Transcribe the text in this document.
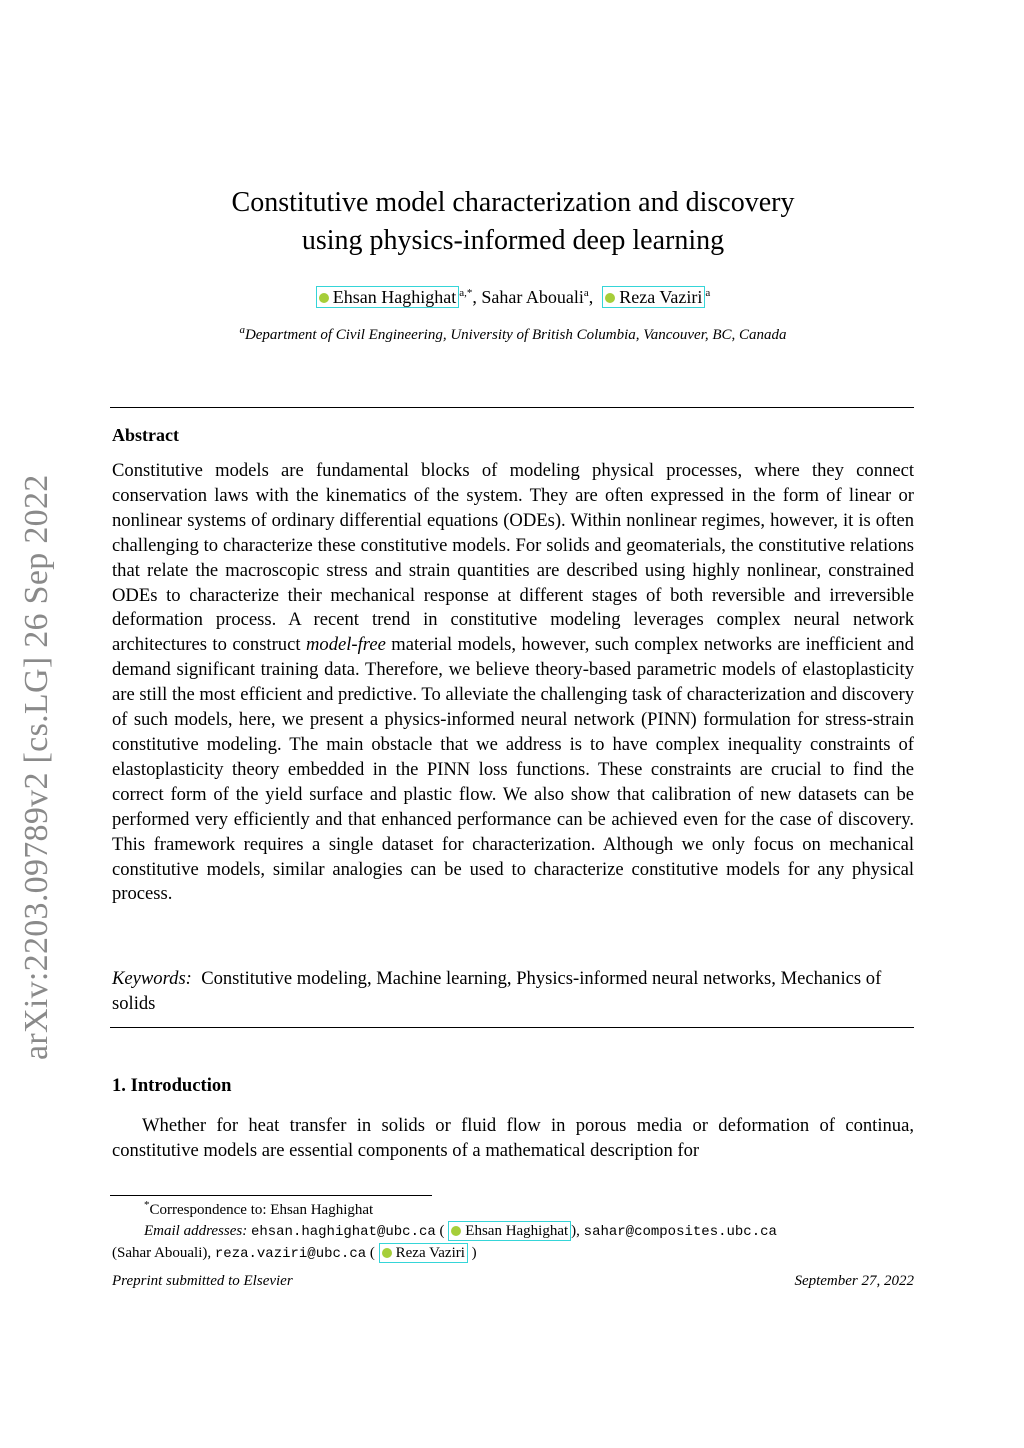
arXiv:2203.09789v2 [cs.LG] 26 Sep 2022
Constitutive model characterization and discovery
using physics-informed deep learning
Ehsan Haghighat $^{a,*}$, Sahar Abouali$^a$,  Reza Vaziri $^a$
$^a$Department of Civil Engineering, University of British Columbia, Vancouver, BC, Canada
Abstract
Constitutive models are fundamental blocks of modeling physical processes, where they connect conservation laws with the kinematics of the system. They are often expressed in the form of linear or nonlinear systems of ordinary differential equations (ODEs). Within nonlinear regimes, however, it is often challenging to characterize these constitutive models. For solids and geomaterials, the constitutive relations that relate the macroscopic stress and strain quantities are described using highly nonlinear, constrained ODEs to characterize their mechanical response at different stages of both reversible and irreversible deformation process. A recent trend in constitutive modeling leverages complex neural network architectures to construct model-free material models, however, such complex networks are inefficient and demand significant training data. Therefore, we believe theory-based parametric models of elastoplasticity are still the most efficient and predictive. To alleviate the challenging task of characterization and discovery of such models, here, we present a physics-informed neural network (PINN) formulation for stress-strain constitutive modeling. The main obstacle that we address is to have complex inequality constraints of elastoplasticity theory embedded in the PINN loss functions. These constraints are crucial to find the correct form of the yield surface and plastic flow. We also show that calibration of new datasets can be performed very efficiently and that enhanced performance can be achieved even for the case of discovery. This framework requires a single dataset for characterization. Although we only focus on mechanical constitutive models, similar analogies can be used to characterize constitutive models for any physical process.
Keywords: Constitutive modeling, Machine learning, Physics-informed neural networks, Mechanics of solids
1. Introduction
Whether for heat transfer in solids or fluid flow in porous media or deformation of continua, constitutive models are essential components of a mathematical description for
*Correspondence to: Ehsan Haghighat
Email addresses: ehsan.haghighat@ubc.ca ( Ehsan Haghighat ), sahar@composites.ubc.ca
(Sahar Abouali), reza.vaziri@ubc.ca ( Reza Vaziri )
Preprint submitted to Elsevier	September 27, 2022
